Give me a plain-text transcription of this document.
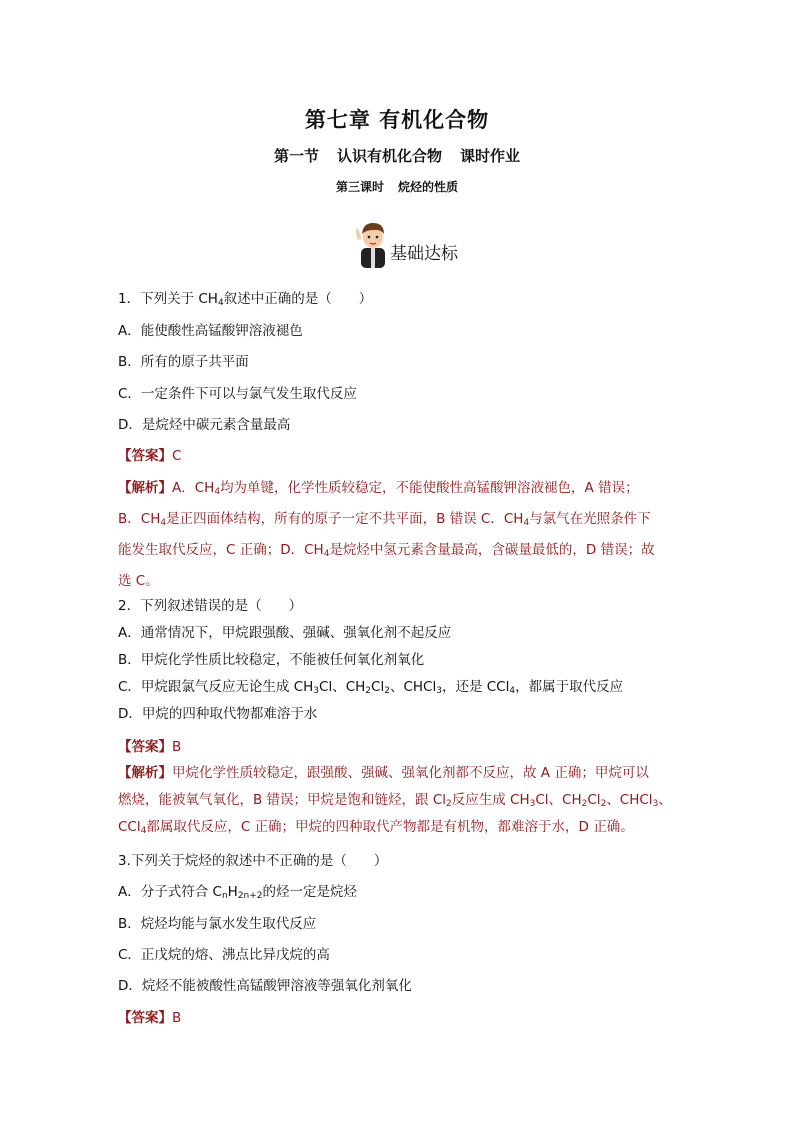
第七章 有机化合物
第一节 认识有机化合物 课时作业
第三课时 烷烃的性质
基础达标
1．下列关于 $CH_4$叙述中正确的是（　　）
A．能使酸性高锰酸钾溶液褪色
B．所有的原子共平面
C．一定条件下可以与氯气发生取代反应
D．是烷烃中碳元素含量最高
【答案】C
【解析】A．$CH_4$均为单键，化学性质较稳定，不能使酸性高锰酸钾溶液褪色，A 错误；
B．$CH_4$是正四面体结构，所有的原子一定不共平面，B 错误 C．$CH_4$与氯气在光照条件下
能发生取代反应，C 正确；D．$CH_4$是烷烃中氢元素含量最高，含碳量最低的，D 错误；故
选 C。
2．下列叙述错误的是（　　）
A．通常情况下，甲烷跟强酸、强碱、强氧化剂不起反应
B．甲烷化学性质比较稳定，不能被任何氧化剂氧化
C．甲烷跟氯气反应无论生成 $CH_3Cl$、$CH_2Cl_2$、CHCl$_3$，还是 CCl$_4$，都属于取代反应
D．甲烷的四种取代物都难溶于水
【答案】B
【解析】甲烷化学性质较稳定，跟强酸、强碱、强氧化剂都不反应，故 A 正确；甲烷可以
燃烧，能被氧气氧化，B 错误；甲烷是饱和链烃，跟 $Cl_2$反应生成 $CH_3Cl$、$CH_2Cl_2$、CHCl$_3$、
CCl$_4$都属取代反应，C 正确；甲烷的四种取代产物都是有机物，都难溶于水，D 正确。
3.下列关于烷烃的叙述中不正确的是（　　）
A．分子式符合 $C_nH_{2n+2}$的烃一定是烷烃
B．烷烃均能与氯水发生取代反应
C．正戊烷的熔、沸点比异戊烷的高
D．烷烃不能被酸性高锰酸钾溶液等强氧化剂氧化
【答案】B
